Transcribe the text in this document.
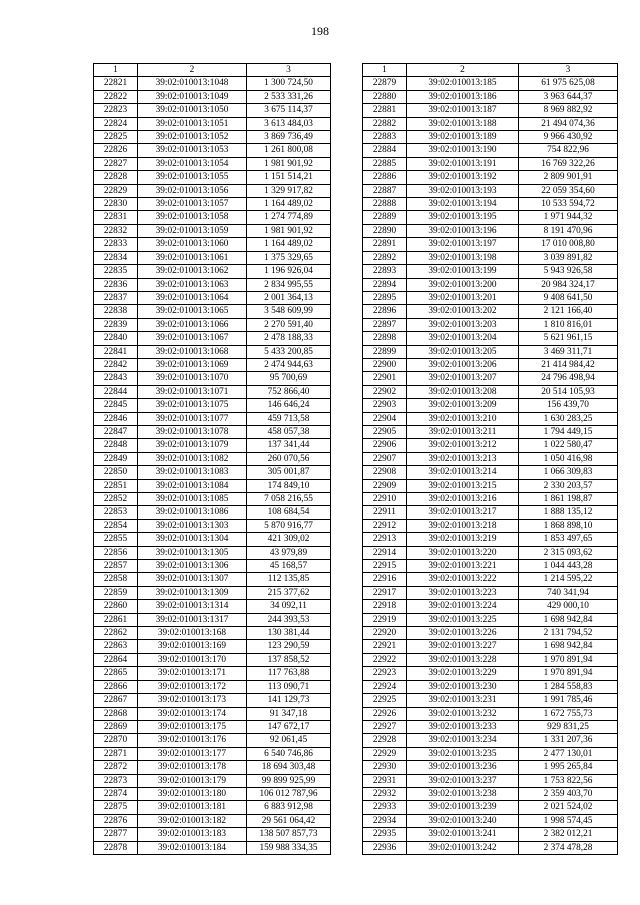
198
1	2	3
22821	39:02:010013:1048	1 300 724,50
22822	39:02:010013:1049	2 533 331,26
22823	39:02:010013:1050	3 675 114,37
22824	39:02:010013:1051	3 613 484,03
22825	39:02:010013:1052	3 869 736,49
22826	39:02:010013:1053	1 261 800,08
22827	39:02:010013:1054	1 981 901,92
22828	39:02:010013:1055	1 151 514,21
22829	39:02:010013:1056	1 329 917,82
22830	39:02:010013:1057	1 164 489,02
22831	39:02:010013:1058	1 274 774,89
22832	39:02:010013:1059	1 981 901,92
22833	39:02:010013:1060	1 164 489,02
22834	39:02:010013:1061	1 375 329,65
22835	39:02:010013:1062	1 196 926,04
22836	39:02:010013:1063	2 834 995,55
22837	39:02:010013:1064	2 001 364,13
22838	39:02:010013:1065	3 548 609,99
22839	39:02:010013:1066	2 270 591,40
22840	39:02:010013:1067	2 478 188,33
22841	39:02:010013:1068	5 433 200,85
22842	39:02:010013:1069	2 474 944,63
22843	39:02:010013:1070	95 700,69
22844	39:02:010013:1071	752 866,40
22845	39:02:010013:1075	146 646,24
22846	39:02:010013:1077	459 713,58
22847	39:02:010013:1078	458 057,38
22848	39:02:010013:1079	137 341,44
22849	39:02:010013:1082	260 070,56
22850	39:02:010013:1083	305 001,87
22851	39:02:010013:1084	174 849,10
22852	39:02:010013:1085	7 058 216,55
22853	39:02:010013:1086	108 684,54
22854	39:02:010013:1303	5 870 916,77
22855	39:02:010013:1304	421 309,02
22856	39:02:010013:1305	43 979,89
22857	39:02:010013:1306	45 168,57
22858	39:02:010013:1307	112 135,85
22859	39:02:010013:1309	215 377,62
22860	39:02:010013:1314	34 092,11
22861	39:02:010013:1317	244 393,53
22862	39:02:010013:168	130 381,44
22863	39:02:010013:169	123 290,59
22864	39:02:010013:170	137 858,52
22865	39:02:010013:171	117 763,88
22866	39:02:010013:172	113 090,71
22867	39:02:010013:173	141 129,73
22868	39:02:010013:174	91 347,18
22869	39:02:010013:175	147 672,17
22870	39:02:010013:176	92 061,45
22871	39:02:010013:177	6 540 746,86
22872	39:02:010013:178	18 694 303,48
22873	39:02:010013:179	99 899 925,99
22874	39:02:010013:180	106 012 787,96
22875	39:02:010013:181	6 883 912,98
22876	39:02:010013:182	29 561 064,42
22877	39:02:010013:183	138 507 857,73
22878	39:02:010013:184	159 988 334,35
1	2	3
22879	39:02:010013:185	61 975 625,08
22880	39:02:010013:186	3 963 644,37
22881	39:02:010013:187	8 969 882,92
22882	39:02:010013:188	21 494 074,36
22883	39:02:010013:189	9 966 430,92
22884	39:02:010013:190	754 822,96
22885	39:02:010013:191	16 769 322,26
22886	39:02:010013:192	2 809 901,91
22887	39:02:010013:193	22 059 354,60
22888	39:02:010013:194	10 533 594,72
22889	39:02:010013:195	1 971 944,32
22890	39:02:010013:196	8 191 470,96
22891	39:02:010013:197	17 010 008,80
22892	39:02:010013:198	3 039 891,82
22893	39:02:010013:199	5 943 926,58
22894	39:02:010013:200	20 984 324,17
22895	39:02:010013:201	9 408 641,50
22896	39:02:010013:202	2 121 166,40
22897	39:02:010013:203	1 810 816,01
22898	39:02:010013:204	5 621 961,15
22899	39:02:010013:205	3 469 311,71
22900	39:02:010013:206	21 414 984,42
22901	39:02:010013:207	24 796 498,94
22902	39:02:010013:208	20 514 105,93
22903	39:02:010013:209	156 439,70
22904	39:02:010013:210	1 630 283,25
22905	39:02:010013:211	1 794 449,15
22906	39:02:010013:212	1 022 580,47
22907	39:02:010013:213	1 050 416,98
22908	39:02:010013:214	1 066 309,83
22909	39:02:010013:215	2 330 203,57
22910	39:02:010013:216	1 861 198,87
22911	39:02:010013:217	1 888 135,12
22912	39:02:010013:218	1 868 898,10
22913	39:02:010013:219	1 853 497,65
22914	39:02:010013:220	2 315 093,62
22915	39:02:010013:221	1 044 443,28
22916	39:02:010013:222	1 214 595,22
22917	39:02:010013:223	740 341,94
22918	39:02:010013:224	429 000,10
22919	39:02:010013:225	1 698 942,84
22920	39:02:010013:226	2 131 794,52
22921	39:02:010013:227	1 698 942,84
22922	39:02:010013:228	1 970 891,94
22923	39:02:010013:229	1 970 891,94
22924	39:02:010013:230	1 284 558,83
22925	39:02:010013:231	1 991 785,46
22926	39:02:010013:232	1 672 755,73
22927	39:02:010013:233	929 831,25
22928	39:02:010013:234	1 331 207,36
22929	39:02:010013:235	2 477 130,01
22930	39:02:010013:236	1 995 265,84
22931	39:02:010013:237	1 753 822,56
22932	39:02:010013:238	2 359 403,70
22933	39:02:010013:239	2 021 524,02
22934	39:02:010013:240	1 998 574,45
22935	39:02:010013:241	2 382 012,21
22936	39:02:010013:242	2 374 478,28
